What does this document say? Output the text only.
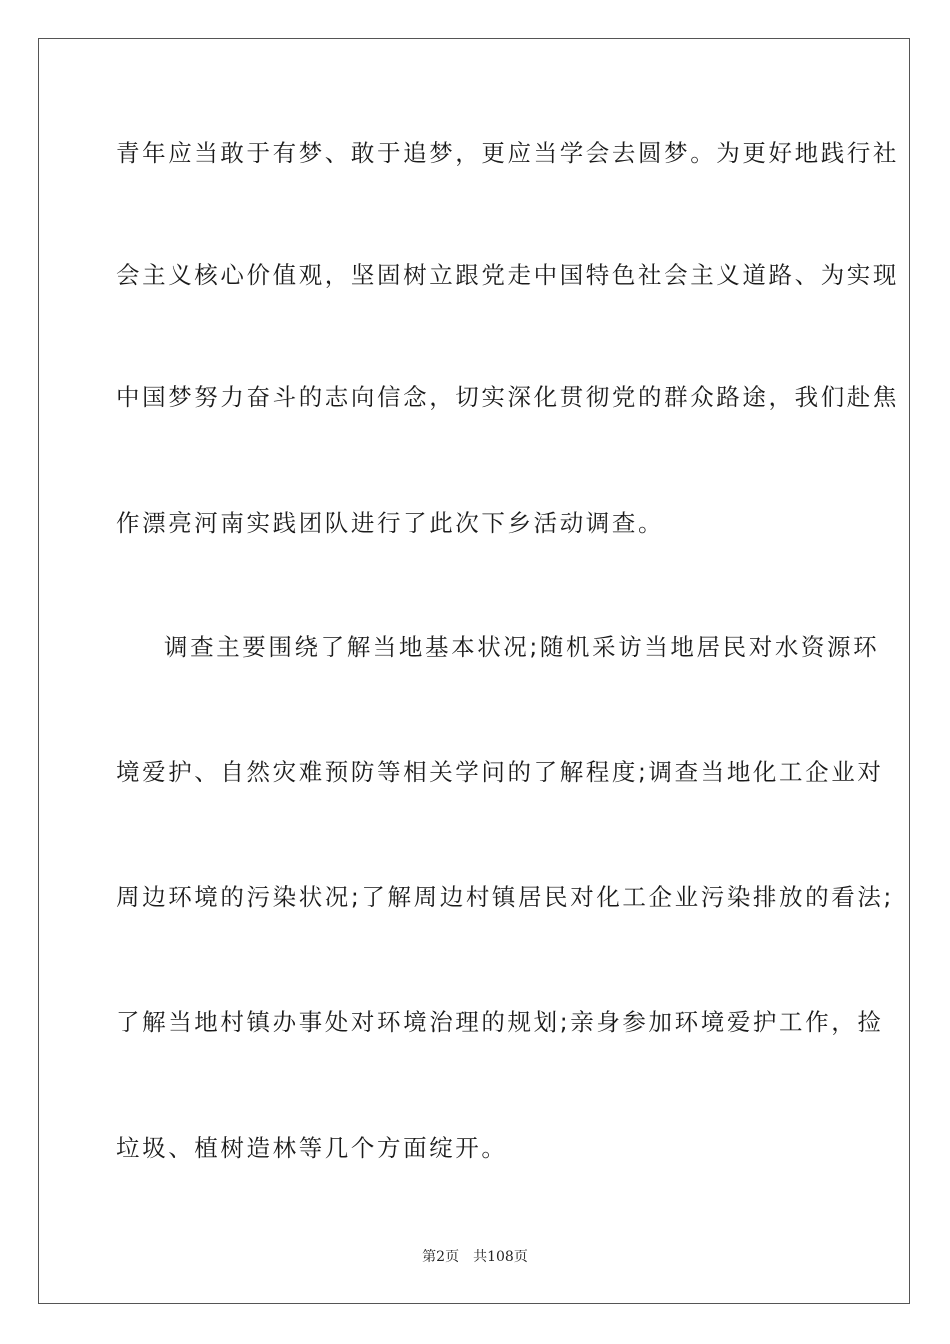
青年应当敢于有梦、敢于追梦，更应当学会去圆梦。为更好地践行社
会主义核心价值观，坚固树立跟党走中国特色社会主义道路、为实现
中国梦努力奋斗的志向信念，切实深化贯彻党的群众路途，我们赴焦
作漂亮河南实践团队进行了此次下乡活动调查。
调查主要围绕了解当地基本状况;随机采访当地居民对水资源环
境爱护、自然灾难预防等相关学问的了解程度;调查当地化工企业对
周边环境的污染状况;了解周边村镇居民对化工企业污染排放的看法;
了解当地村镇办事处对环境治理的规划;亲身参加环境爱护工作，捡
垃圾、植树造林等几个方面绽开。
第2页 共108页
